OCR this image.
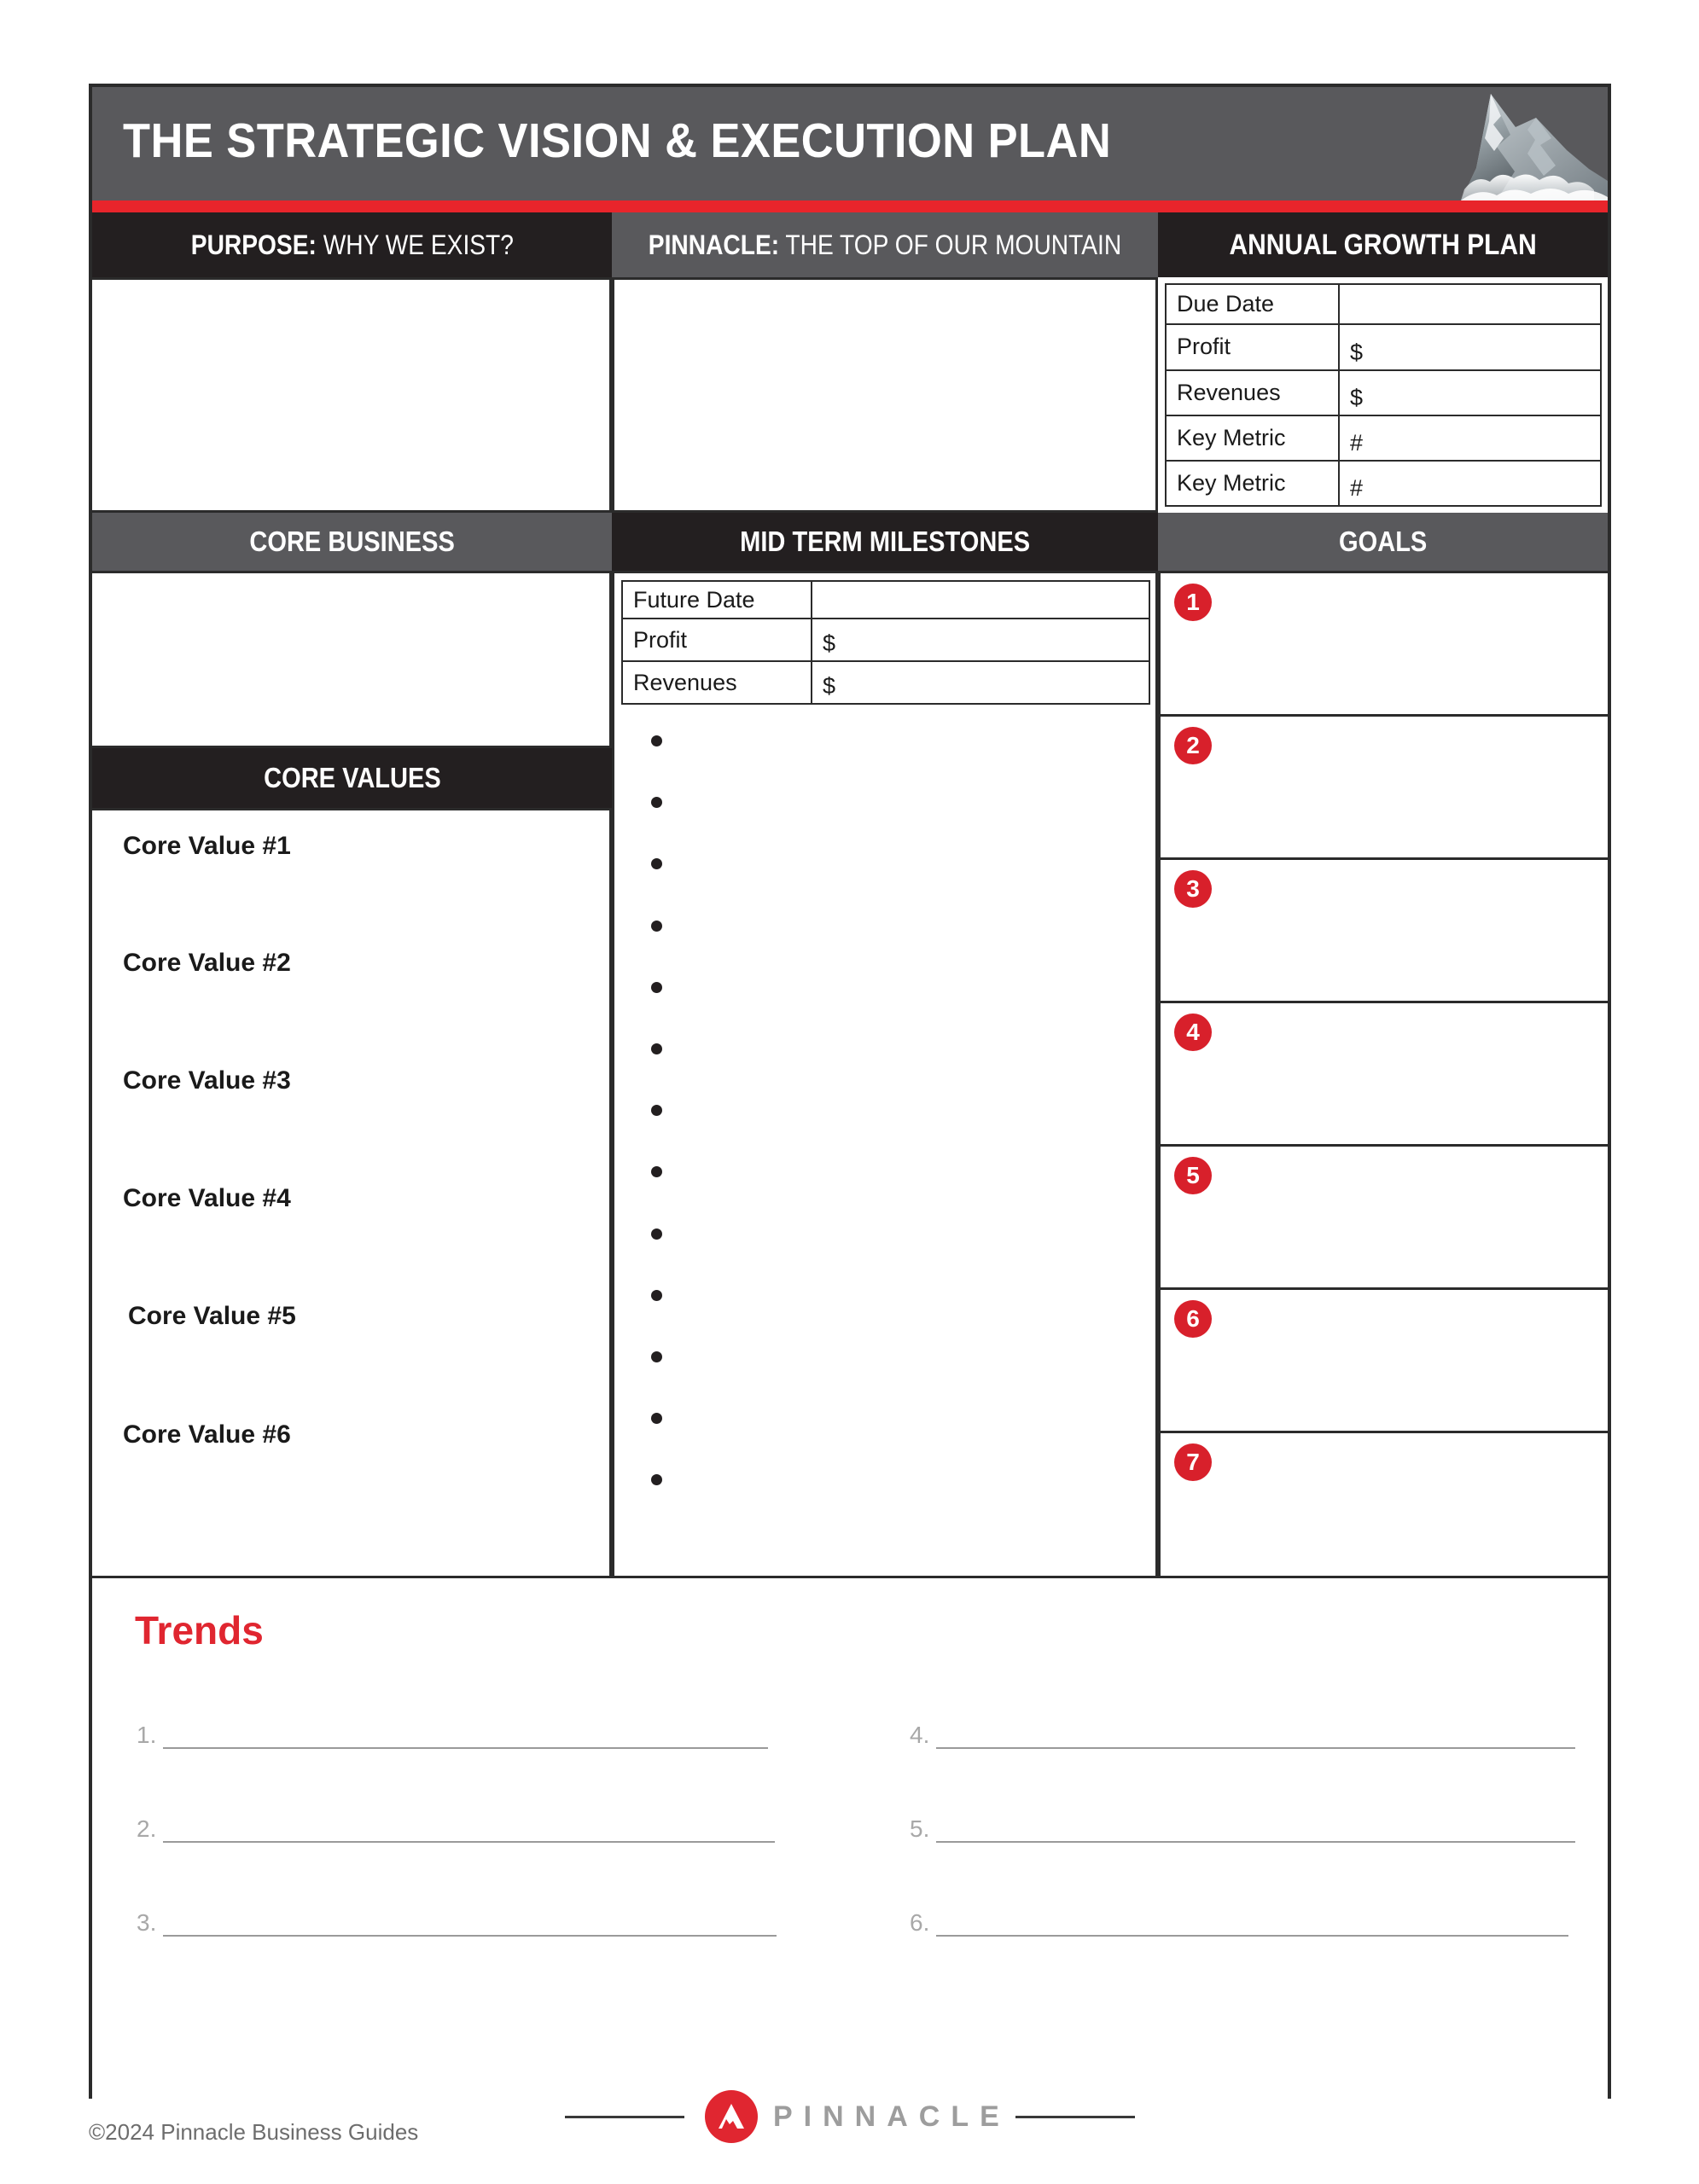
THE STRATEGIC VISION & EXECUTION PLAN
PURPOSE: WHY WE EXIST?	PINNACLE: THE TOP OF OUR MOUNTAIN	ANNUAL GROWTH PLAN
Due Date	
Profit	$
Revenues	$
Key Metric	#
Key Metric	#
CORE BUSINESS	MID TERM MILESTONES	GOALS
CORE VALUES
Core Value #1
Core Value #2
Core Value #3
Core Value #4
Core Value #5
Core Value #6
Future Date	
Profit	$
Revenues	$
1
2
3
4
5
6
7
Trends
1.
2.
3.
4.
5.
6.
PINNACLE
©2024 Pinnacle Business Guides
